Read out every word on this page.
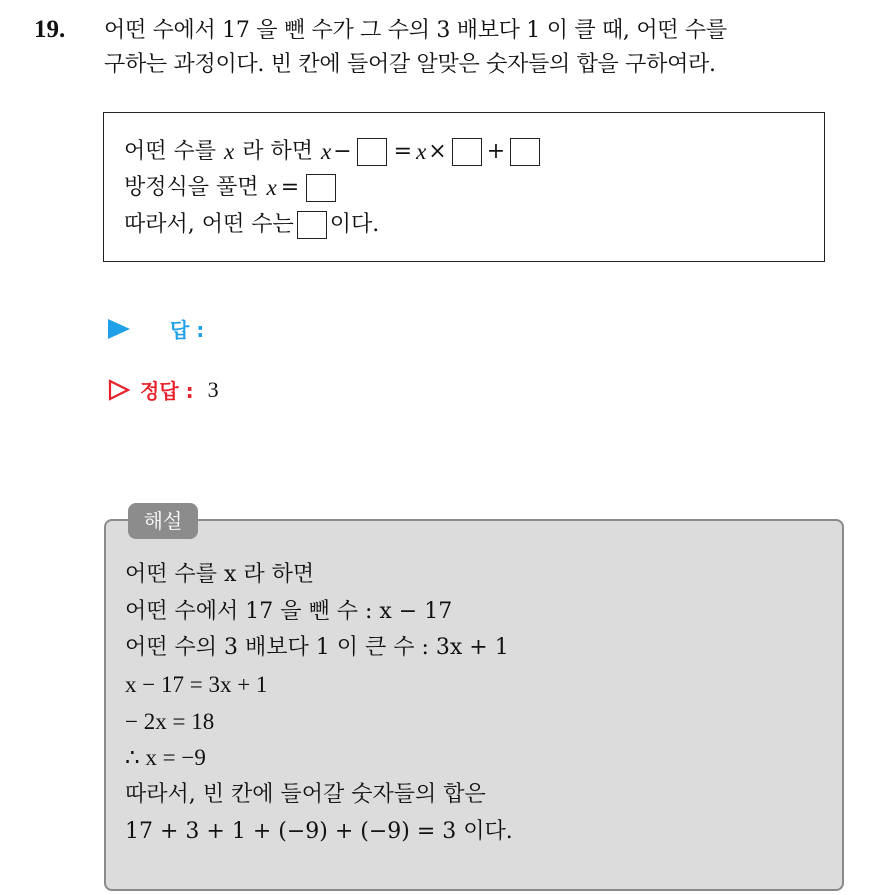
19. 어떤 수에서 17 을 뺀 수가 그 수의 3 배보다 1 이 클 때, 어떤 수를
구하는 과정이다. 빈 칸에 들어갈 알맞은 숫자들의 합을 구하여라.
어떤 수를 x 라 하면 x − = x × +
방정식을 풀면 x =
따라서, 어떤 수는 이다.
답 :
정답 : 3
해설
어떤 수를 x 라 하면
어떤 수에서 17 을 뺀 수 : x − 17
어떤 수의 3 배보다 1 이 큰 수 : 3x + 1
x − 17 = 3x + 1
− 2x = 18
∴ x = −9
따라서, 빈 칸에 들어갈 숫자들의 합은
17 + 3 + 1 + (−9) + (−9) = 3 이다.
